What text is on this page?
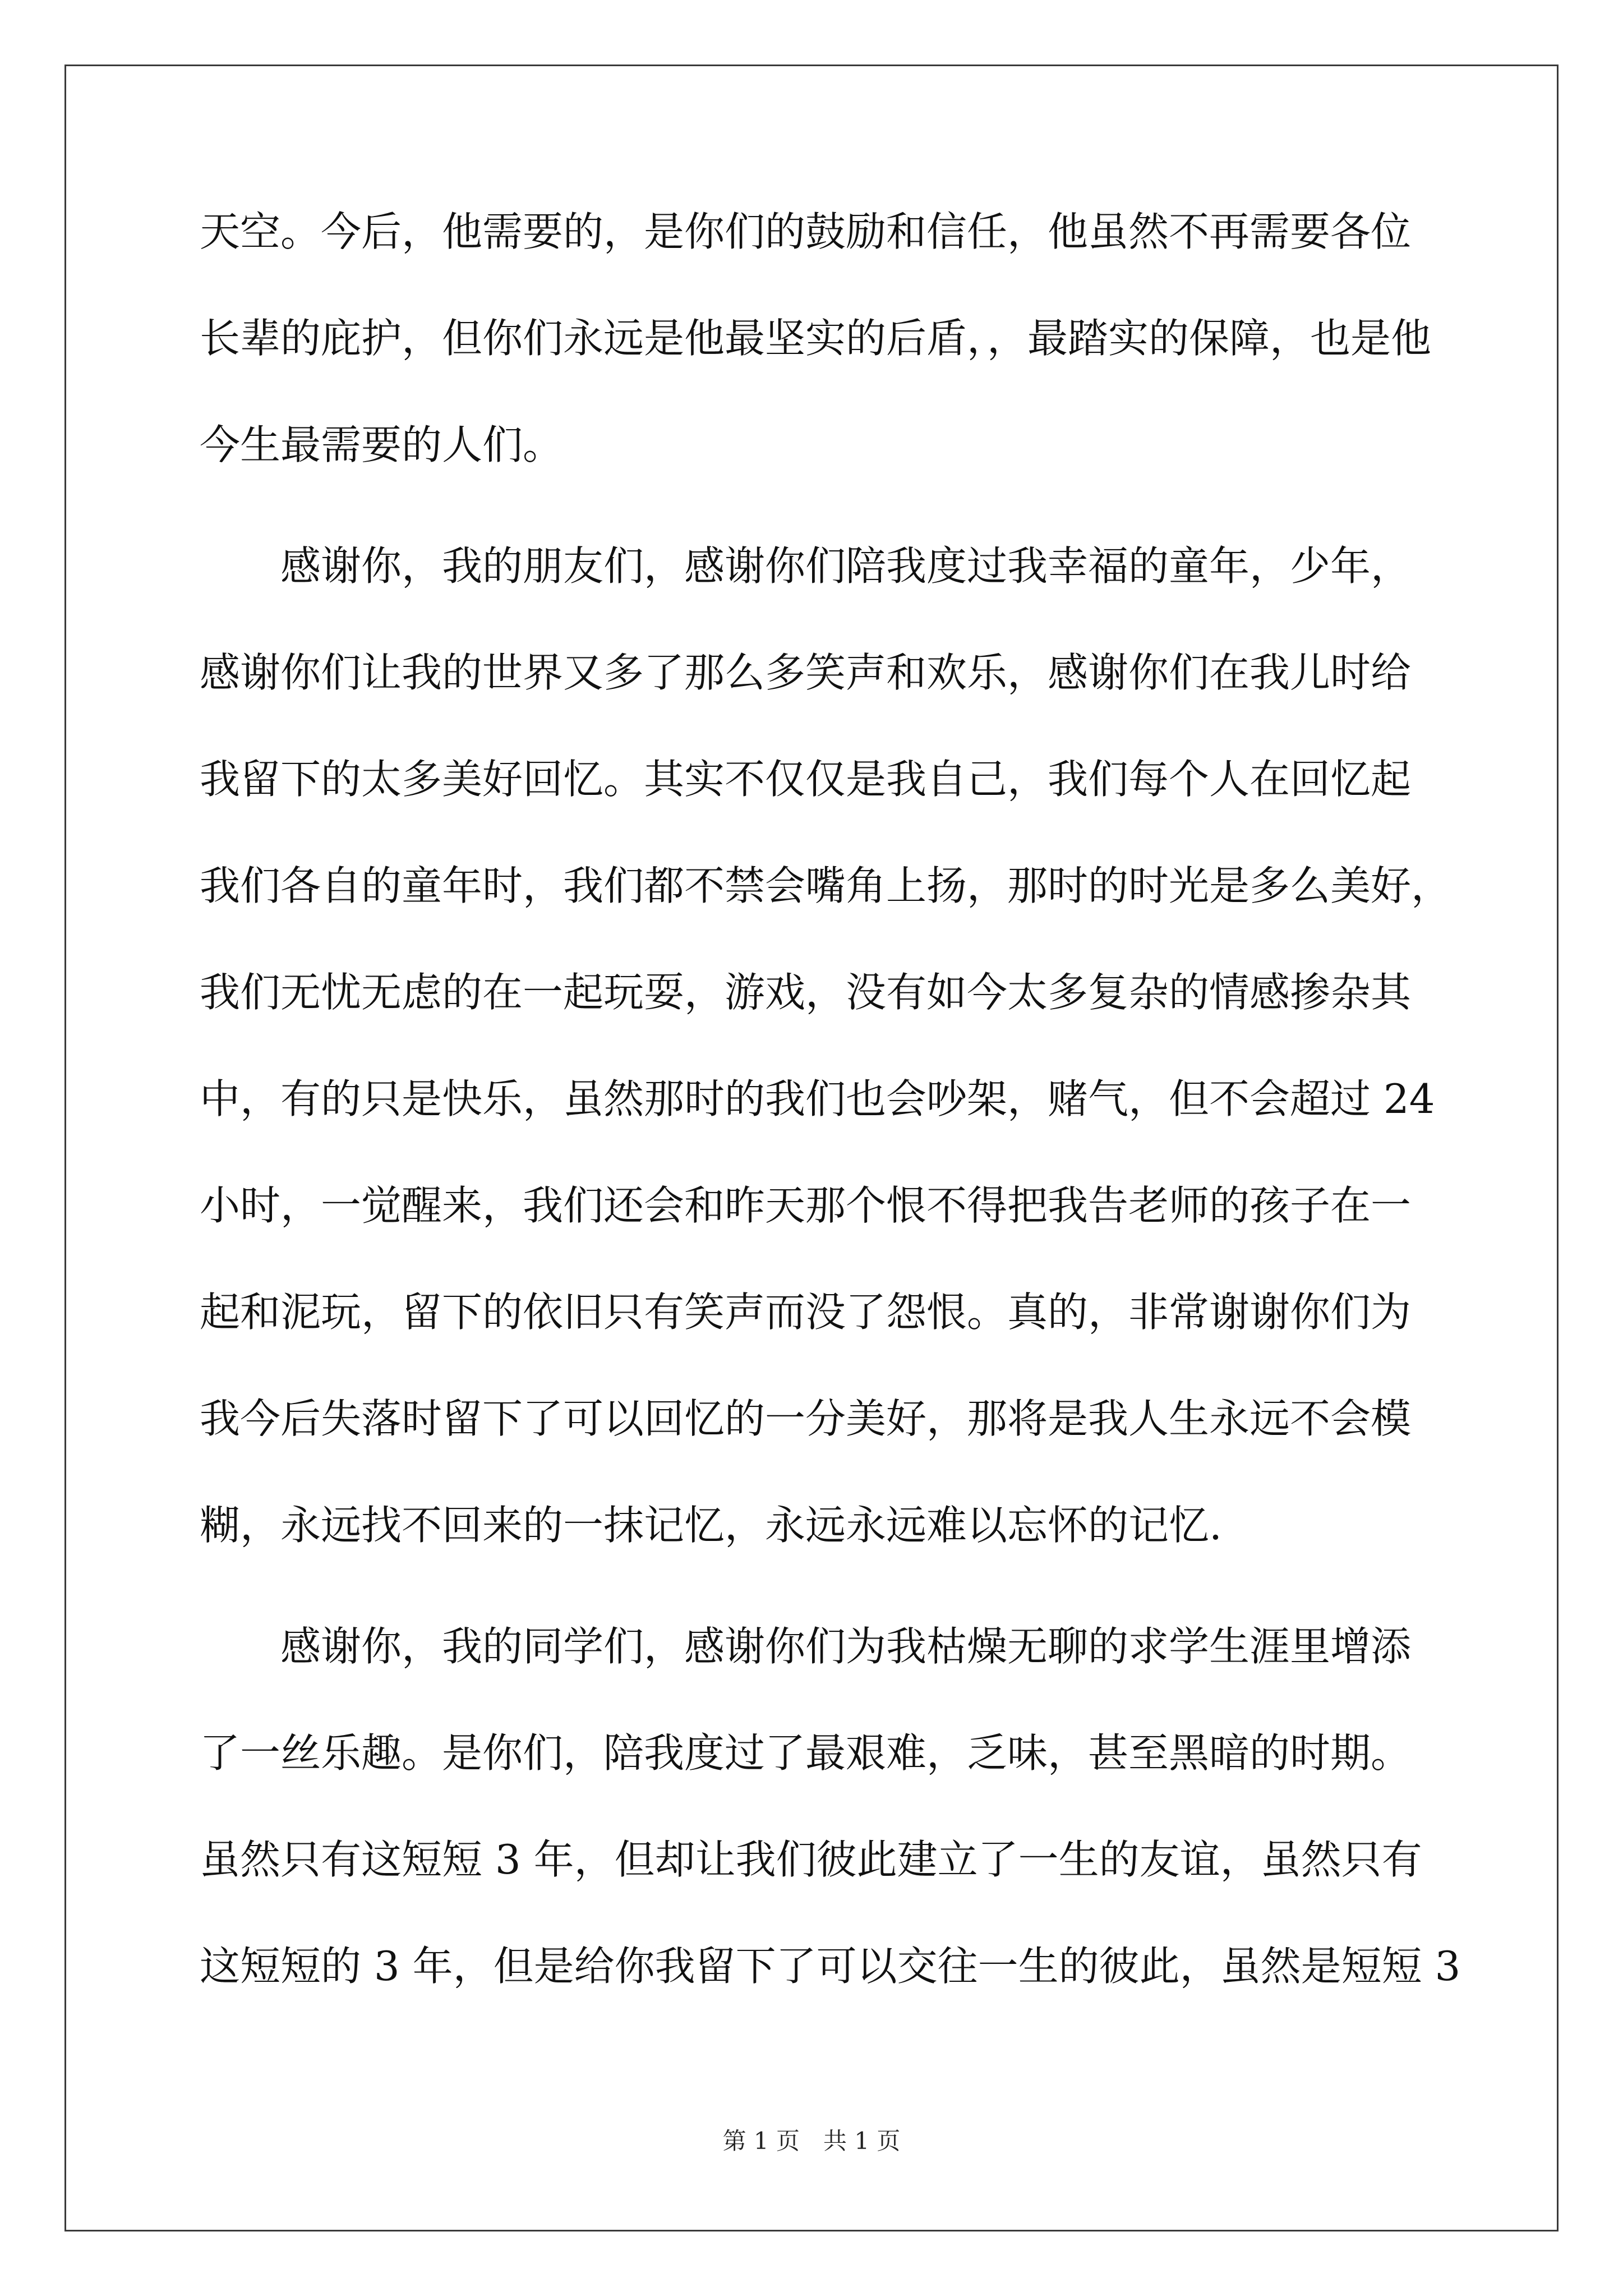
天空。今后，他需要的，是你们的鼓励和信任，他虽然不再需要各位
长辈的庇护，但你们永远是他最坚实的后盾，，最踏实的保障，也是他
今生最需要的人们。
感谢你，我的朋友们，感谢你们陪我度过我幸福的童年，少年，
感谢你们让我的世界又多了那么多笑声和欢乐，感谢你们在我儿时给
我留下的太多美好回忆。其实不仅仅是我自己，我们每个人在回忆起
我们各自的童年时，我们都不禁会嘴角上扬，那时的时光是多么美好，
我们无忧无虑的在一起玩耍，游戏，没有如今太多复杂的情感掺杂其
中，有的只是快乐，虽然那时的我们也会吵架，赌气，但不会超过 24
小时，一觉醒来，我们还会和昨天那个恨不得把我告老师的孩子在一
起和泥玩，留下的依旧只有笑声而没了怨恨。真的，非常谢谢你们为
我今后失落时留下了可以回忆的一分美好，那将是我人生永远不会模
糊，永远找不回来的一抹记忆，永远永远难以忘怀的记忆.
感谢你，我的同学们，感谢你们为我枯燥无聊的求学生涯里增添
了一丝乐趣。是你们，陪我度过了最艰难，乏味，甚至黑暗的时期。
虽然只有这短短 3 年，但却让我们彼此建立了一生的友谊，虽然只有
这短短的 3 年，但是给你我留下了可以交往一生的彼此，虽然是短短 3
第 1 页　共 1 页
